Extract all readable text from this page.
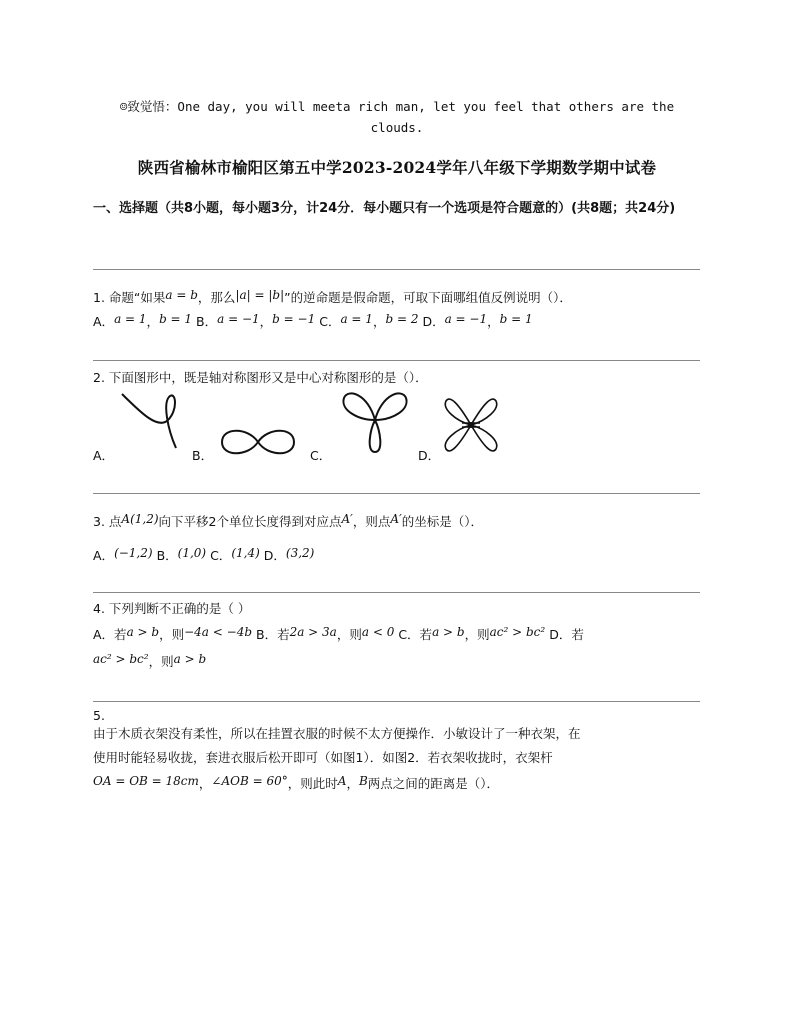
☺致觉悟：One day, you will meeta rich man, let you feel that others are the clouds.
陕西省榆林市榆阳区第五中学2023-2024学年八年级下学期数学期中试卷
一、选择题（共8小题，每小题3分，计24分．每小题只有一个选项是符合题意的）(共8题；共24分)
1. 命题“如果a = b，那么|a| = |b|”的逆命题是假命题，可取下面哪组值反例说明（）．
A．a = 1，b = 1 B．a = −1，b = −1 C．a = 1，b = 2 D．a = −1，b = 1
2. 下面图形中，既是轴对称图形又是中心对称图形的是（）．
A．	B．	C．	D．
3. 点A(1,2)向下平移2个单位长度得到对应点A′，则点A′的坐标是（）．
A．(−1,2) B．(1,0) C．(1,4) D．(3,2)
4. 下列判断不正确的是（ ）
A．若a > b，则−4a < −4b B．若2a > 3a，则a < 0 C．若a > b，则ac² > bc² D．若
ac² > bc²，则a > b
5.
由于木质衣架没有柔性，所以在挂置衣服的时候不太方便操作．小敏设计了一种衣架，在
使用时能轻易收拢，套进衣服后松开即可（如图1）．如图2．若衣架收拢时，衣架杆
OA = OB = 18cm，∠AOB = 60°，则此时A，B两点之间的距离是（）．
